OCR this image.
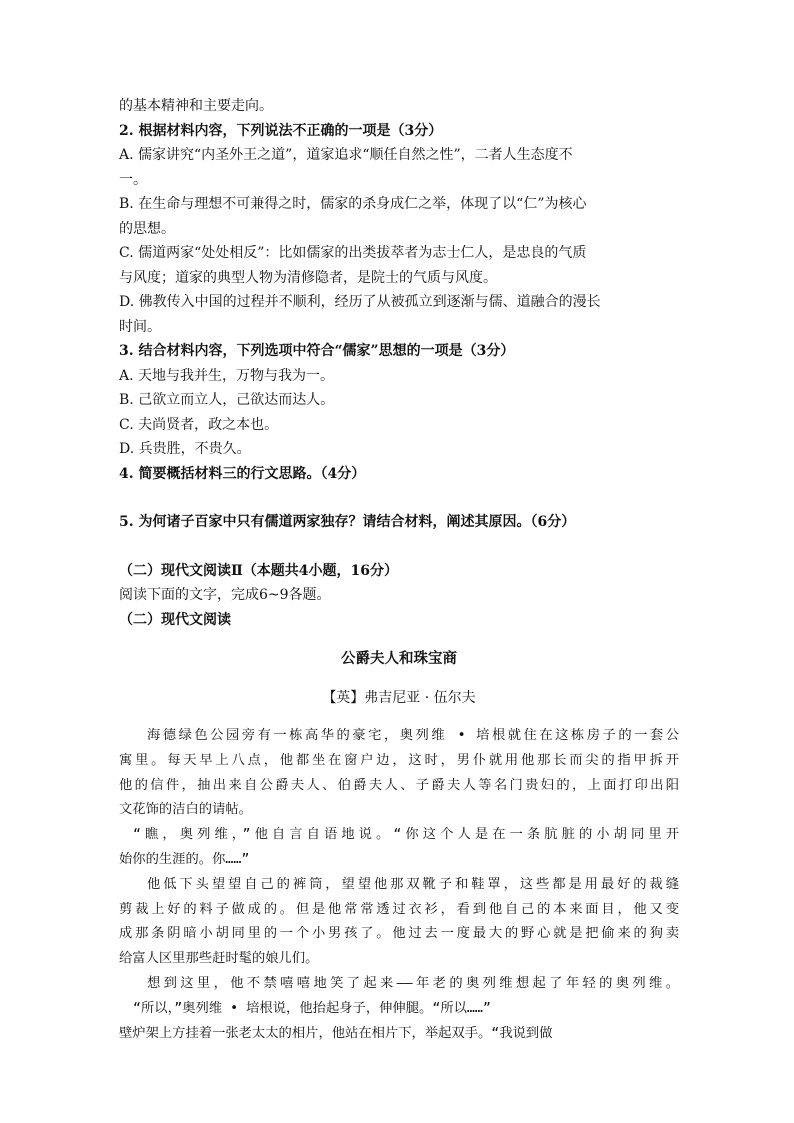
的基本精神和主要走向。

2. 根据材料内容，下列说法不正确的一项是（3分）

A. 儒家讲究“内圣外王之道”，道家追求“顺任自然之性”，二者人生态度不

一。

B. 在生命与理想不可兼得之时，儒家的杀身成仁之举，体现了以“仁”为核心

的思想。

C. 儒道两家“处处相反”：比如儒家的出类拔萃者为志士仁人，是忠良的气质

与风度；道家的典型人物为清修隐者，是院士的气质与风度。

D. 佛教传入中国的过程并不顺利，经历了从被孤立到逐渐与儒、道融合的漫长

时间。

3. 结合材料内容，下列选项中符合“儒家”思想的一项是（3分）

A. 天地与我并生，万物与我为一。

B. 己欲立而立人，己欲达而达人。

C. 夫尚贤者，政之本也。

D. 兵贵胜，不贵久。

4. 简要概括材料三的行文思路。（4分）

5. 为何诸子百家中只有儒道两家独存？请结合材料，阐述其原因。（6分）

（二）现代文阅读Ⅱ（本题共4小题，16分）

阅读下面的文字，完成6~9各题。

（二）现代文阅读

公爵夫人和珠宝商

【英】弗吉尼亚 · 伍尔夫

海德绿色公园旁有一栋高华的豪宅，奥列维 • 培根就住在这栋房子的一套公

寓里。每天早上八点，他都坐在窗户边，这时，男仆就用他那长而尖的指甲拆开

他的信件，抽出来自公爵夫人、伯爵夫人、子爵夫人等名门贵妇的，上面打印出阳

文花饰的洁白的请帖。

“瞧，奥列维，”他自言自语地说。“你这个人是在一条肮脏的小胡同里开

始你的生涯的。你……”

他低下头望望自己的裤筒，望望他那双靴子和鞋罩，这些都是用最好的裁缝

剪裁上好的料子做成的。但是他常常透过衣衫，看到他自己的本来面目，他又变

成那条阴暗小胡同里的一个小男孩了。他过去一度最大的野心就是把偷来的狗卖

给富人区里那些赶时髦的娘儿们。

想到这里，他不禁嘻嘻地笑了起来——年老的奥列维想起了年轻的奥列维。

“所以，”奥列维 • 培根说，他抬起身子，伸伸腿。“所以……”

壁炉架上方挂着一张老太太的相片，他站在相片下，举起双手。“我说到做
